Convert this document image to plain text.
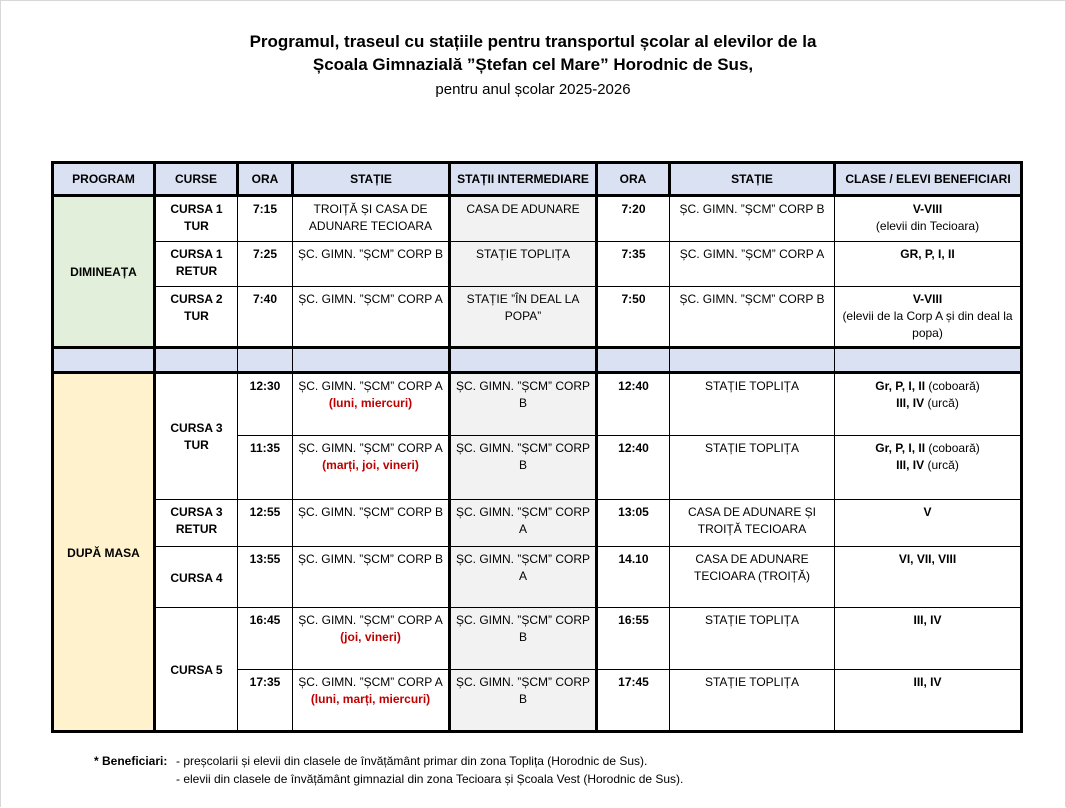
Programul, traseul cu stațiile pentru transportul școlar al elevilor de la
Școala Gimnazială ”Ștefan cel Mare” Horodnic de Sus,
pentru anul școlar 2025-2026
PROGRAM	CURSE	ORA	STAȚIE	STAȚII INTERMEDIARE	ORA	STAȚIE	CLASE / ELEVI BENEFICIARI
DIMINEAȚA	CURSA 1 TUR	7:15	TROIȚĂ ȘI CASA DE ADUNARE TECIOARA	CASA DE ADUNARE	7:20	ȘC. GIMN. ”ȘCM” CORP B	V-VIII
(elevii din Tecioara)
	CURSA 1 RETUR	7:25	ȘC. GIMN. ”ȘCM” CORP B	STAȚIE TOPLIȚA	7:35	ȘC. GIMN. ”ȘCM” CORP A	GR, P, I, II
	CURSA 2 TUR	7:40	ȘC. GIMN. ”ȘCM” CORP A	STAȚIE ”ÎN DEAL LA POPA”	7:50	ȘC. GIMN. ”ȘCM” CORP B	V-VIII
(elevii de la Corp A și din deal la popa)

DUPĂ MASA	CURSA 3 TUR	12:30	ȘC. GIMN. ”ȘCM” CORP A
(luni, miercuri)	ȘC. GIMN. ”ȘCM” CORP B	12:40	STAȚIE TOPLIȚA	Gr, P, I, II (coboară)
III, IV (urcă)
		11:35	ȘC. GIMN. ”ȘCM” CORP A
(marți, joi, vineri)	ȘC. GIMN. ”ȘCM” CORP B	12:40	STAȚIE TOPLIȚA	Gr, P, I, II (coboară)
III, IV (urcă)
	CURSA 3 RETUR	12:55	ȘC. GIMN. ”ȘCM” CORP B	ȘC. GIMN. ”ȘCM” CORP A	13:05	CASA DE ADUNARE ȘI TROIȚĂ TECIOARA	V
	CURSA 4	13:55	ȘC. GIMN. ”ȘCM” CORP B	ȘC. GIMN. ”ȘCM” CORP A	14.10	CASA DE ADUNARE TECIOARA (TROIȚĂ)	VI, VII, VIII
	CURSA 5	16:45	ȘC. GIMN. ”ȘCM” CORP A
(joi, vineri)	ȘC. GIMN. ”ȘCM” CORP B	16:55	STAȚIE TOPLIȚA	III, IV
		17:35	ȘC. GIMN. ”ȘCM” CORP A
(luni, marți, miercuri)	ȘC. GIMN. ”ȘCM” CORP B	17:45	STAȚIE TOPLIȚA	III, IV
* Beneficiari: - preșcolarii și elevii din clasele de învățământ primar din zona Toplița (Horodnic de Sus).
- elevii din clasele de învățământ gimnazial din zona Tecioara și Școala Vest (Horodnic de Sus).
